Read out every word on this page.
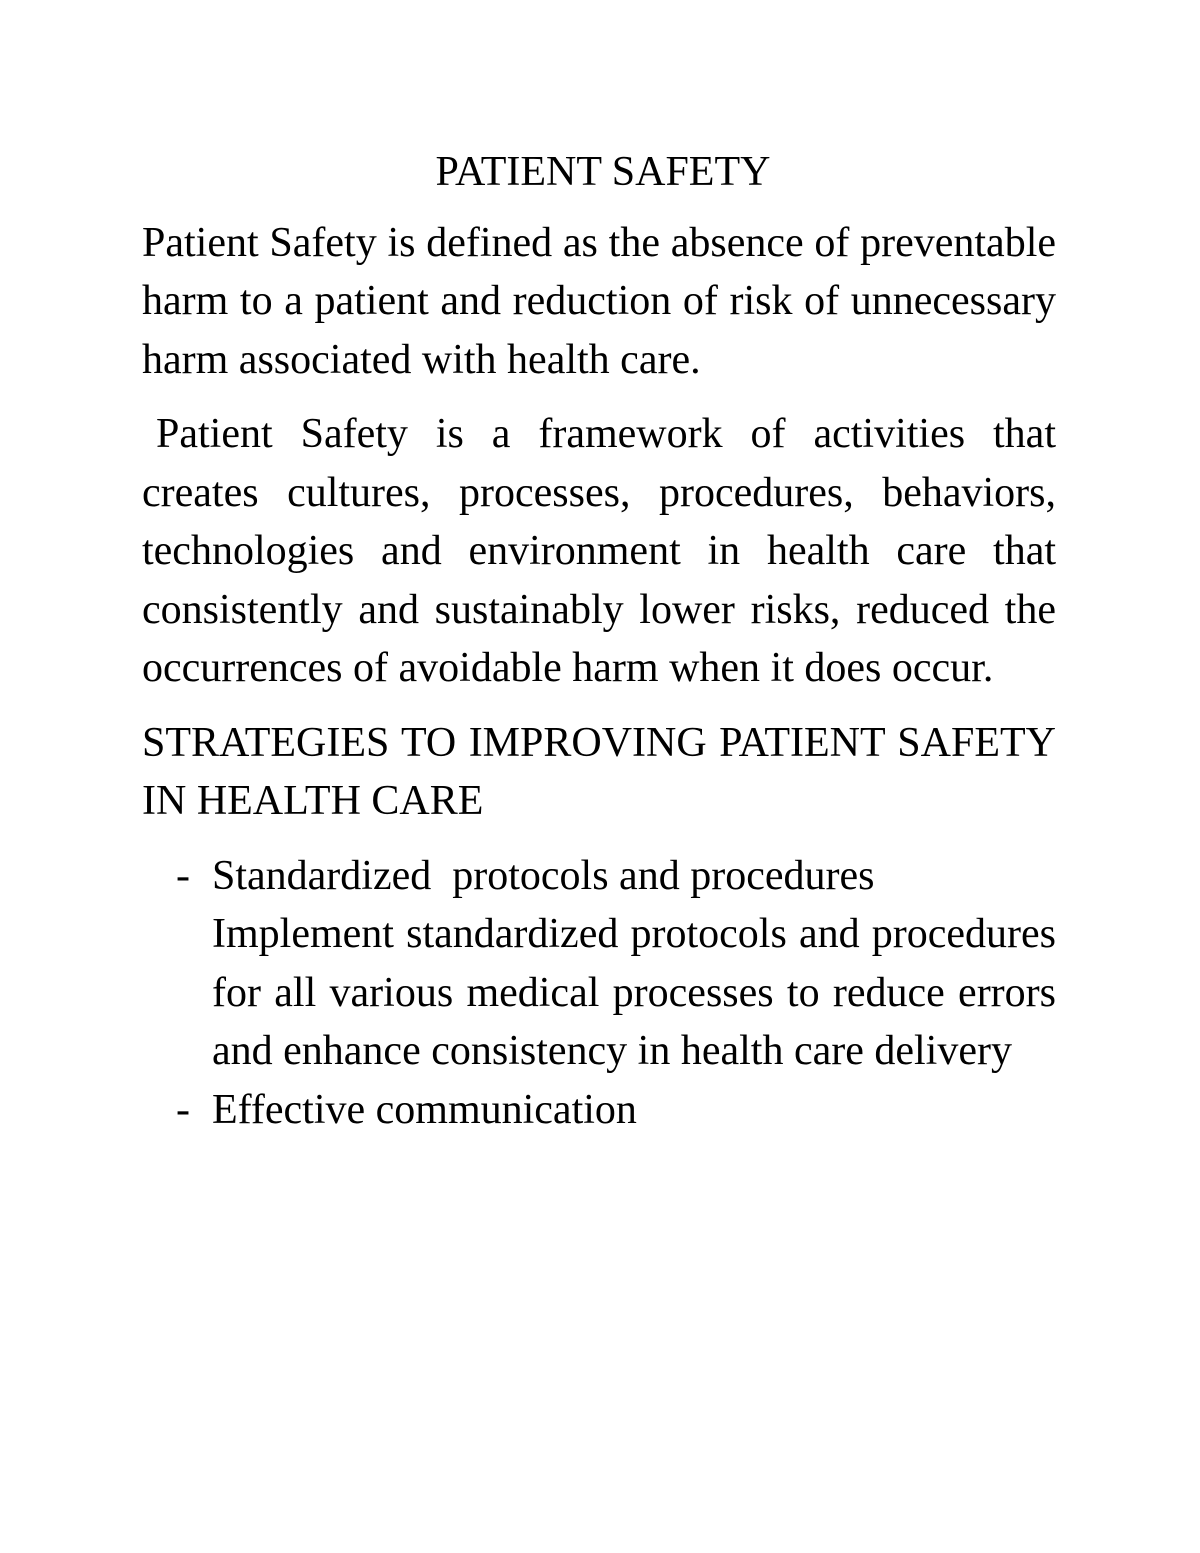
PATIENT SAFETY

Patient Safety is defined as the absence of preventable harm to a patient and reduction of risk of unnecessary harm associated with health care.

Patient Safety is a framework of activities that creates cultures, processes, procedures, behaviors, technologies and environment in health care that consistently and sustainably lower risks, reduced the occurrences of avoidable harm when it does occur.

STRATEGIES TO IMPROVING PATIENT SAFETY IN HEALTH CARE

- Standardized  protocols and procedures
Implement standardized protocols and procedures for all various medical processes to reduce errors and enhance consistency in health care delivery
- Effective communication
